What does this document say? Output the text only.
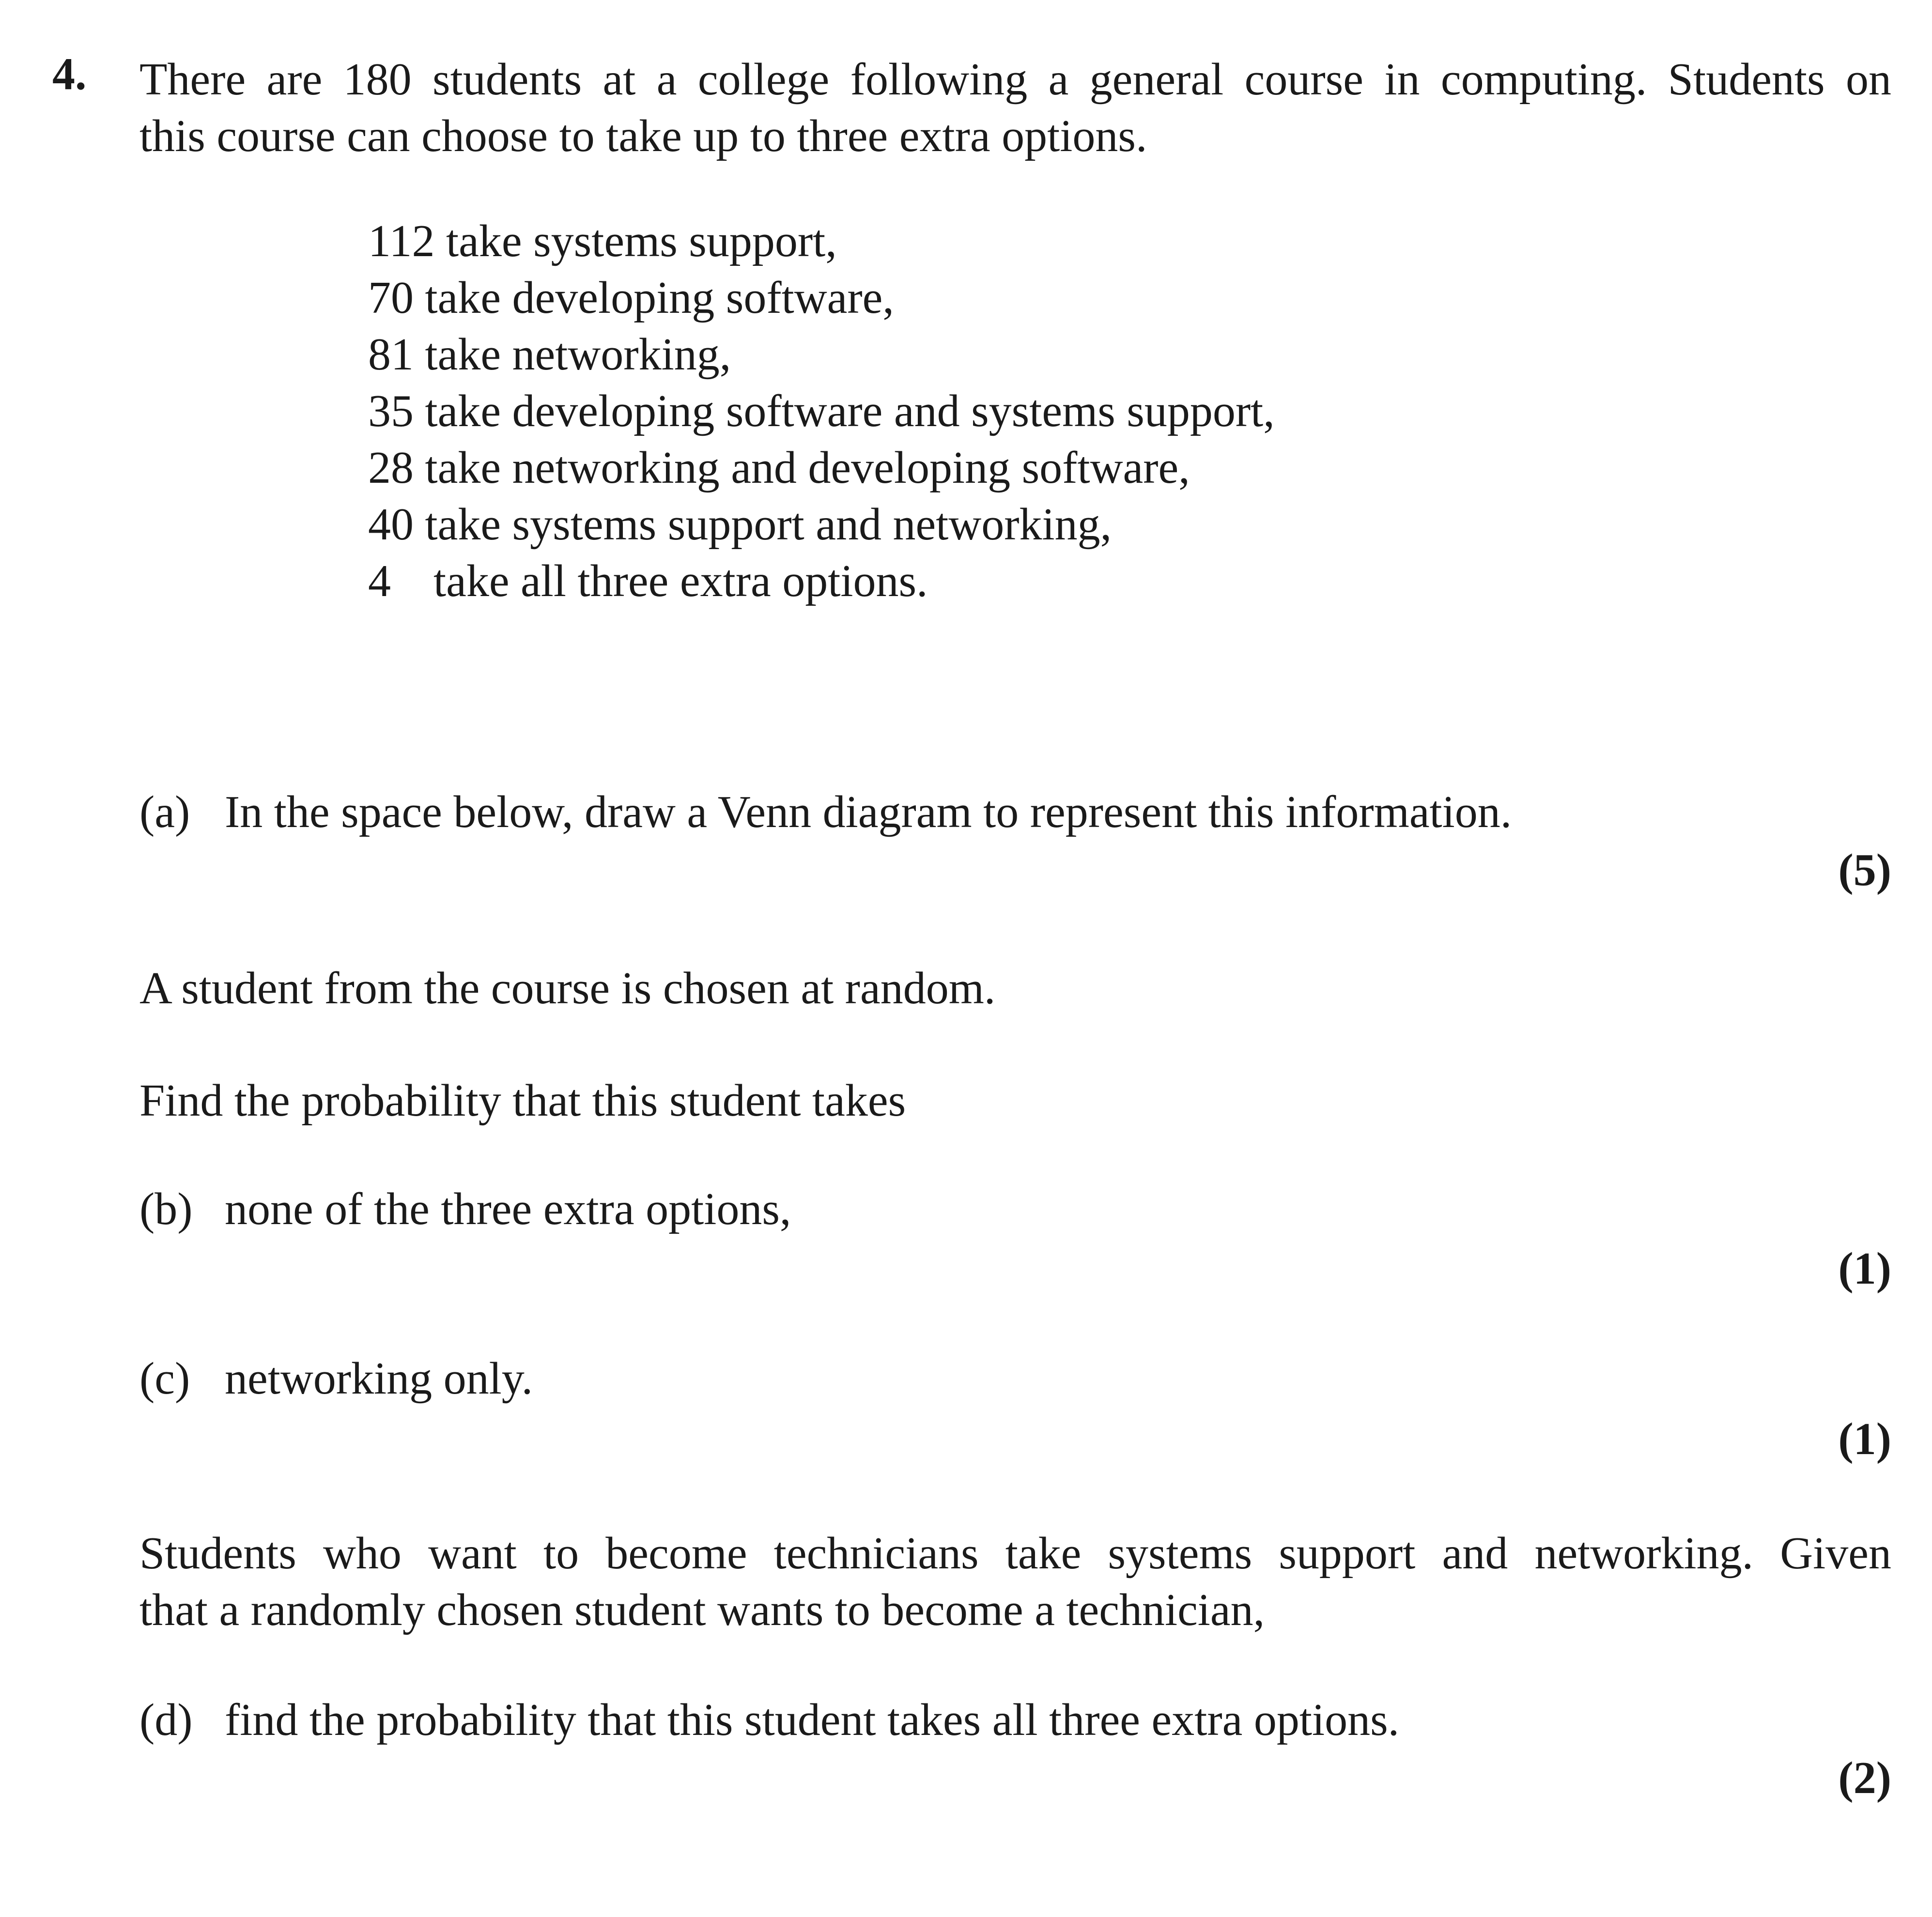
4. There are 180 students at a college following a general course in computing. Students on
this course can choose to take up to three extra options.
112 take systems support,
70 take developing software,
81 take networking,
35 take developing software and systems support,
28 take networking and developing software,
40 take systems support and networking,
4 take all three extra options.
(a) In the space below, draw a Venn diagram to represent this information.
(5)
A student from the course is chosen at random.
Find the probability that this student takes
(b) none of the three extra options,
(1)
(c) networking only.
(1)
Students who want to become technicians take systems support and networking. Given
that a randomly chosen student wants to become a technician,
(d) find the probability that this student takes all three extra options.
(2)
